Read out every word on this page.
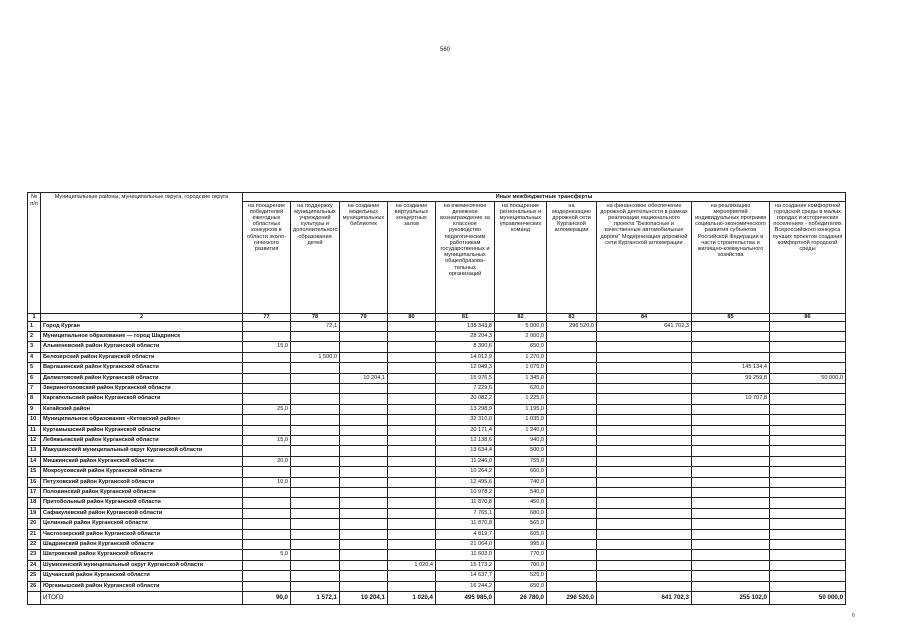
560
№ п/п	Муниципальные районы, муниципальные округа, городские округа	Иные межбюджетные трансферты									
		на поощрение победителей ежегодных областных конкурсов в области эколо-гического развития	на поддержку муниципальных учреждений культуры и дополнительного образования детей	на создание модельных муниципальных библиотек	на создание виртуальных концертных залов	на ежемесячное денежное вознаграждение за классное руководство педагогическим работникам государственных и муниципальных общеобразова-тельных организаций	на поощрение региональных и муниципальных управленческих команд	на модернизацию дорожной сети Курганской агломерации	на финансовое обеспечение дорожной деятельности в рамках реализации национального проекта "Безопасные и качественные автомобильные дороги" Модернизация дорожной сети Курганской агломерации	на реализацию мероприятий индивидуальных программ социально-экономического развития субъектов Российской Федерации в части строительства и жилищно-коммунального хозяйства	на создание комфортной городской среды в малых городах и исторических поселениях - победителях Всероссийского конкурса лучших проектов создания комфортной городской среды
1	2	77	78	79	80	81	82	83	84	85	86
1	Город Курган		72,1			138 343,8	5 000,0	296 520,0	641 702,3		
2	Муниципальное образование — город Шадринск					28 204,3	2 000,0				
3	Альменевский район Курганской области	15,0				8 300,6	650,0				
4	Белозерский район Курганской области		1 500,0			14 012,9	1 270,0				
5	Варгашинский район Курганской области					12 049,3	1 075,0			145 134,4	
6	Далматовский район Курганской области			10 204,1		15 976,5	1 345,0			99 259,8	50 000,0
7	Звериноголовский район Курганской области					7 229,6	620,0				
8	Каргапольский район Курганской области					20 082,2	1 225,0			10 707,8	
9	Катайский район	25,0				13 298,9	1 195,0				
10	Муниципальное образование «Кетовский район»					32 310,0	1 035,0				
11	Куртамышский район Курганской области					20 171,4	1 240,0				
12	Лебяжьевский район Курганской области	15,0				12 138,6	940,0				
13	Макушинский муниципальный округ Курганской области					13 634,4	500,0				
14	Мишкинский район Курганской области	20,0				11 246,0	755,0				
15	Мокроусовский район Курганской области					10 264,2	660,0				
16	Петуховский район Курганской области	10,0				12 495,6	740,0				
17	Половинский район Курганской области					10 978,2	540,0				
18	Притобольный район Курганской области					11 870,8	450,0				
19	Сафакулевский район Курганской области					7 765,1	680,0				
20	Целинный район Курганской области					11 870,8	565,0				
21	Частоозерский район Курганской области					4 819,7	605,0				
22	Шадринский район Курганской области					21 064,0	995,0				
23	Шатровский район Курганской области	5,0				11 603,0	770,0				
24	Шумихинский муниципальный округ Курганской области				1 020,4	15 173,2	700,0				
25	Щучанский район Курганской области					14 637,7	525,0				
26	Юргамышский район Курганской области					16 244,2	650,0				
	ИТОГО	90,0	1 572,1	10 204,1	1 020,4	495 985,0	26 780,0	296 520,0	641 702,3	255 102,0	50 000,0
6
